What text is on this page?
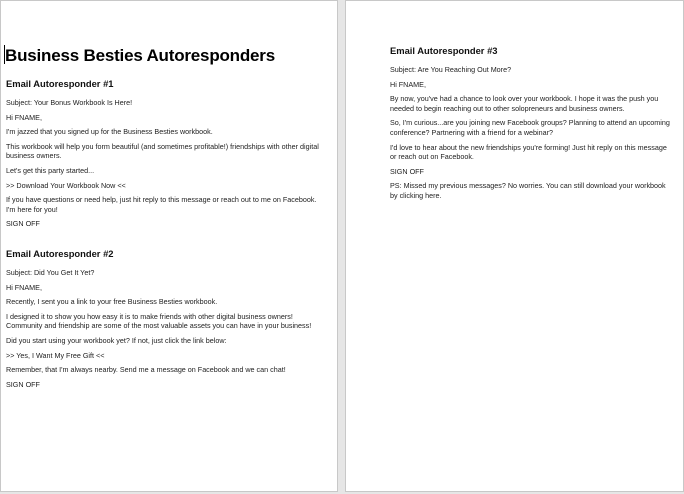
Business Besties Autoresponders
Email Autoresponder #1
Subject: Your Bonus Workbook Is Here!
Hi FNAME,
I'm jazzed that you signed up for the Business Besties workbook.
This workbook will help you form beautiful (and sometimes profitable!) friendships with other digital business owners.
Let's get this party started...
>> Download Your Workbook Now <<
If you have questions or need help, just hit reply to this message or reach out to me on Facebook. I'm here for you!
SIGN OFF
Email Autoresponder #2
Subject: Did You Get It Yet?
Hi FNAME,
Recently, I sent you a link to your free Business Besties workbook.
I designed it to show you how easy it is to make friends with other digital business owners! Community and friendship are some of the most valuable assets you can have in your business!
Did you start using your workbook yet? If not, just click the link below:
>> Yes, I Want My Free Gift <<
Remember, that I'm always nearby. Send me a message on Facebook and we can chat!
SIGN OFF
Email Autoresponder #3
Subject: Are You Reaching Out More?
Hi FNAME,
By now, you've had a chance to look over your workbook. I hope it was the push you needed to begin reaching out to other solopreneurs and business owners.
So, I'm curious...are you joining new Facebook groups? Planning to attend an upcoming conference? Partnering with a friend for a webinar?
I'd love to hear about the new friendships you're forming! Just hit reply on this message or reach out on Facebook.
SIGN OFF
PS: Missed my previous messages? No worries. You can still download your workbook by clicking here.
